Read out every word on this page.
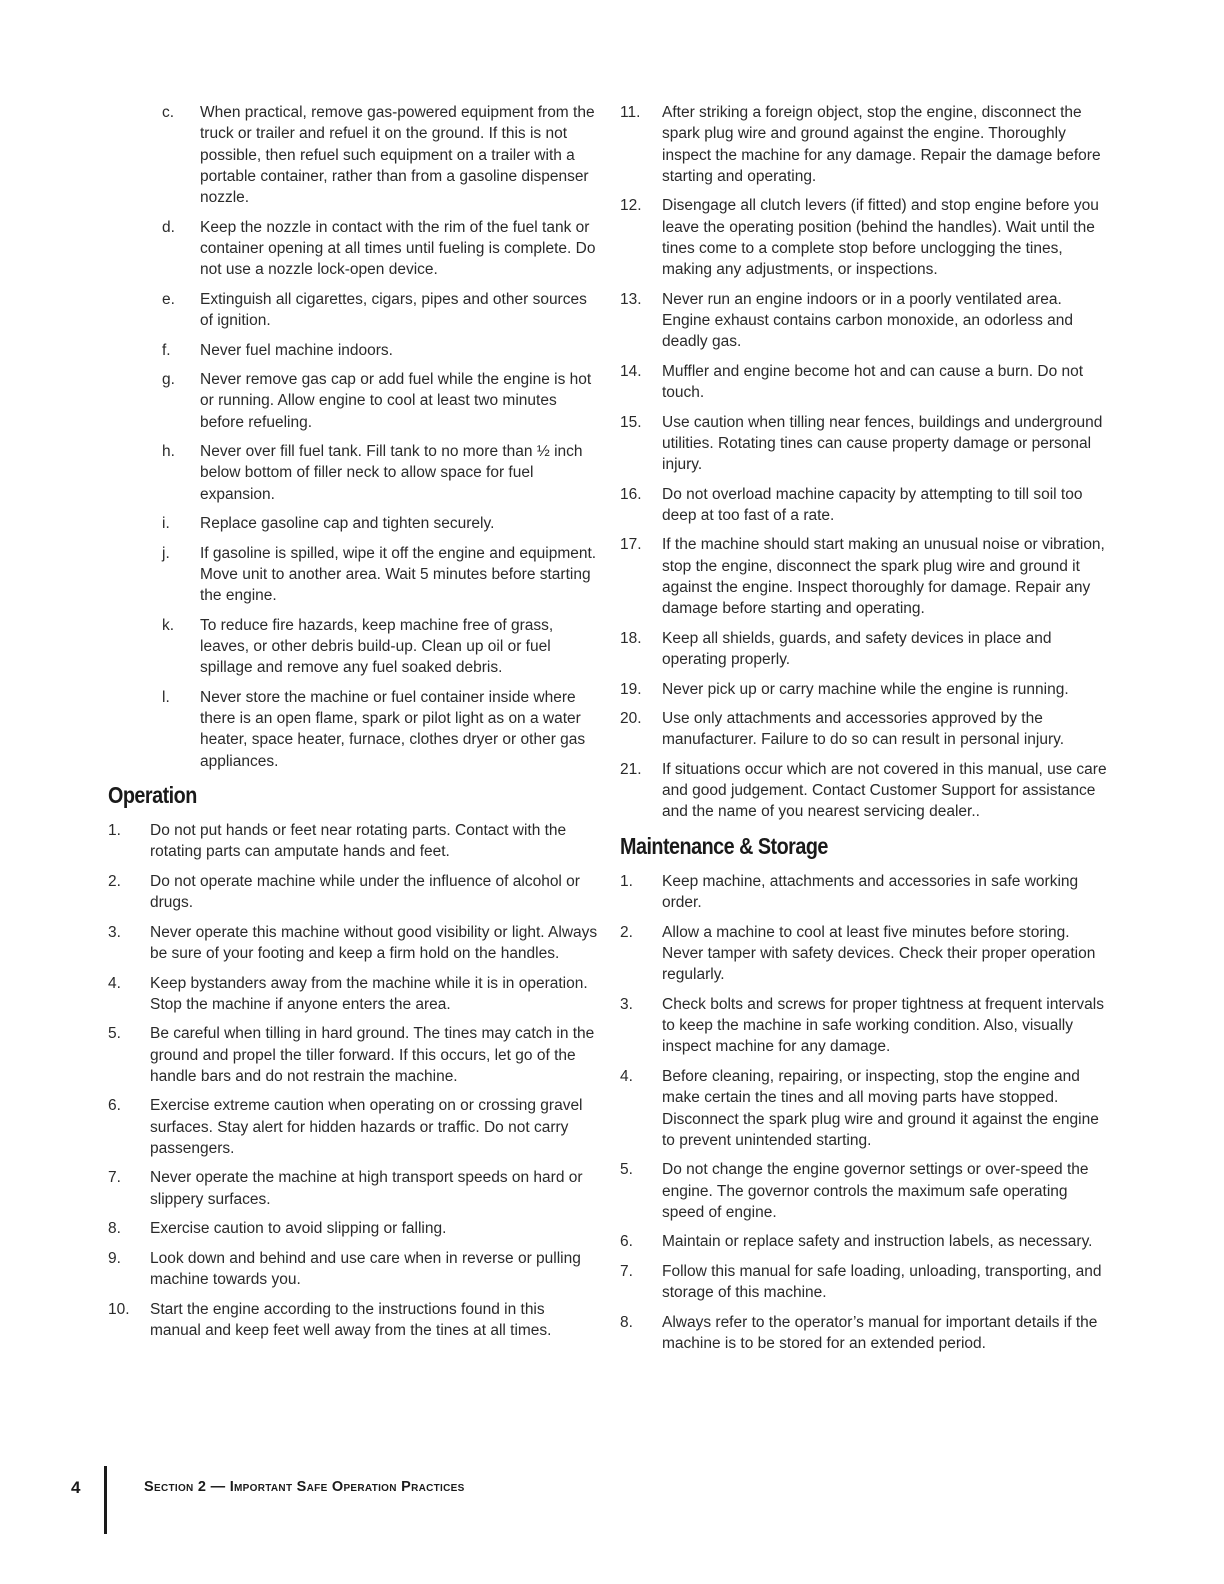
c. When practical, remove gas-powered equipment from the truck or trailer and refuel it on the ground. If this is not possible, then refuel such equipment on a trailer with a portable container, rather than from a gasoline dispenser nozzle.
d. Keep the nozzle in contact with the rim of the fuel tank or container opening at all times until fueling is complete. Do not use a nozzle lock-open device.
e. Extinguish all cigarettes, cigars, pipes and other sources of ignition.
f. Never fuel machine indoors.
g. Never remove gas cap or add fuel while the engine is hot or running. Allow engine to cool at least two minutes before refueling.
h. Never over fill fuel tank. Fill tank to no more than ½ inch below bottom of filler neck to allow space for fuel expansion.
i. Replace gasoline cap and tighten securely.
j. If gasoline is spilled, wipe it off the engine and equipment. Move unit to another area. Wait 5 minutes before starting the engine.
k. To reduce fire hazards, keep machine free of grass, leaves, or other debris build-up. Clean up oil or fuel spillage and remove any fuel soaked debris.
l. Never store the machine or fuel container inside where there is an open flame, spark or pilot light as on a water heater, space heater, furnace, clothes dryer or other gas appliances.
Operation
1. Do not put hands or feet near rotating parts. Contact with the rotating parts can amputate hands and feet.
2. Do not operate machine while under the influence of alcohol or drugs.
3. Never operate this machine without good visibility or light. Always be sure of your footing and keep a firm hold on the handles.
4. Keep bystanders away from the machine while it is in operation. Stop the machine if anyone enters the area.
5. Be careful when tilling in hard ground. The tines may catch in the ground and propel the tiller forward. If this occurs, let go of the handle bars and do not restrain the machine.
6. Exercise extreme caution when operating on or crossing gravel surfaces. Stay alert for hidden hazards or traffic. Do not carry passengers.
7. Never operate the machine at high transport speeds on hard or slippery surfaces.
8. Exercise caution to avoid slipping or falling.
9. Look down and behind and use care when in reverse or pulling machine towards you.
10. Start the engine according to the instructions found in this manual and keep feet well away from the tines at all times.
11. After striking a foreign object, stop the engine, disconnect the spark plug wire and ground against the engine. Thoroughly inspect the machine for any damage. Repair the damage before starting and operating.
12. Disengage all clutch levers (if fitted) and stop engine before you leave the operating position (behind the handles). Wait until the tines come to a complete stop before unclogging the tines, making any adjustments, or inspections.
13. Never run an engine indoors or in a poorly ventilated area. Engine exhaust contains carbon monoxide, an odorless and deadly gas.
14. Muffler and engine become hot and can cause a burn. Do not touch.
15. Use caution when tilling near fences, buildings and underground utilities. Rotating tines can cause property damage or personal injury.
16. Do not overload machine capacity by attempting to till soil too deep at too fast of a rate.
17. If the machine should start making an unusual noise or vibration, stop the engine, disconnect the spark plug wire and ground it against the engine. Inspect thoroughly for damage. Repair any damage before starting and operating.
18. Keep all shields, guards, and safety devices in place and operating properly.
19. Never pick up or carry machine while the engine is running.
20. Use only attachments and accessories approved by the manufacturer. Failure to do so can result in personal injury.
21. If situations occur which are not covered in this manual, use care and good judgement. Contact Customer Support for assistance and the name of you nearest servicing dealer..
Maintenance & Storage
1. Keep machine, attachments and accessories in safe working order.
2. Allow a machine to cool at least five minutes before storing. Never tamper with safety devices. Check their proper operation regularly.
3. Check bolts and screws for proper tightness at frequent intervals to keep the machine in safe working condition. Also, visually inspect machine for any damage.
4. Before cleaning, repairing, or inspecting, stop the engine and make certain the tines and all moving parts have stopped. Disconnect the spark plug wire and ground it against the engine to prevent unintended starting.
5. Do not change the engine governor settings or over-speed the engine. The governor controls the maximum safe operating speed of engine.
6. Maintain or replace safety and instruction labels, as necessary.
7. Follow this manual for safe loading, unloading, transporting, and storage of this machine.
8. Always refer to the operator’s manual for important details if the machine is to be stored for an extended period.
4	Section 2 — Important Safe Operation Practices
